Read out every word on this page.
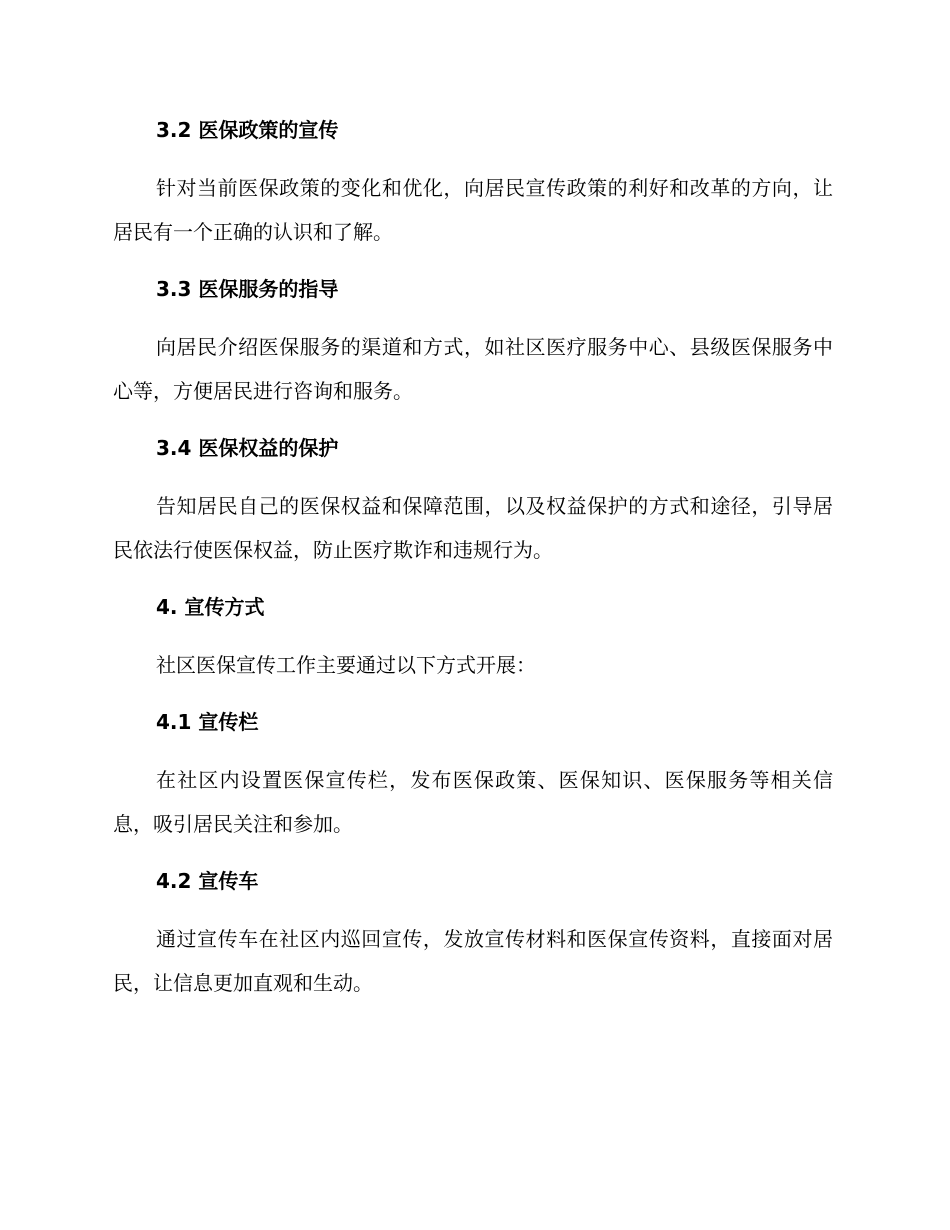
3.2 医保政策的宣传
针对当前医保政策的变化和优化，向居民宣传政策的利好和改革的方向，让居民有一个正确的认识和了解。
3.3 医保服务的指导
向居民介绍医保服务的渠道和方式，如社区医疗服务中心、县级医保服务中心等，方便居民进行咨询和服务。
3.4 医保权益的保护
告知居民自己的医保权益和保障范围，以及权益保护的方式和途径，引导居民依法行使医保权益，防止医疗欺诈和违规行为。
4. 宣传方式
社区医保宣传工作主要通过以下方式开展：
4.1 宣传栏
在社区内设置医保宣传栏，发布医保政策、医保知识、医保服务等相关信息，吸引居民关注和参加。
4.2 宣传车
通过宣传车在社区内巡回宣传，发放宣传材料和医保宣传资料，直接面对居民，让信息更加直观和生动。
